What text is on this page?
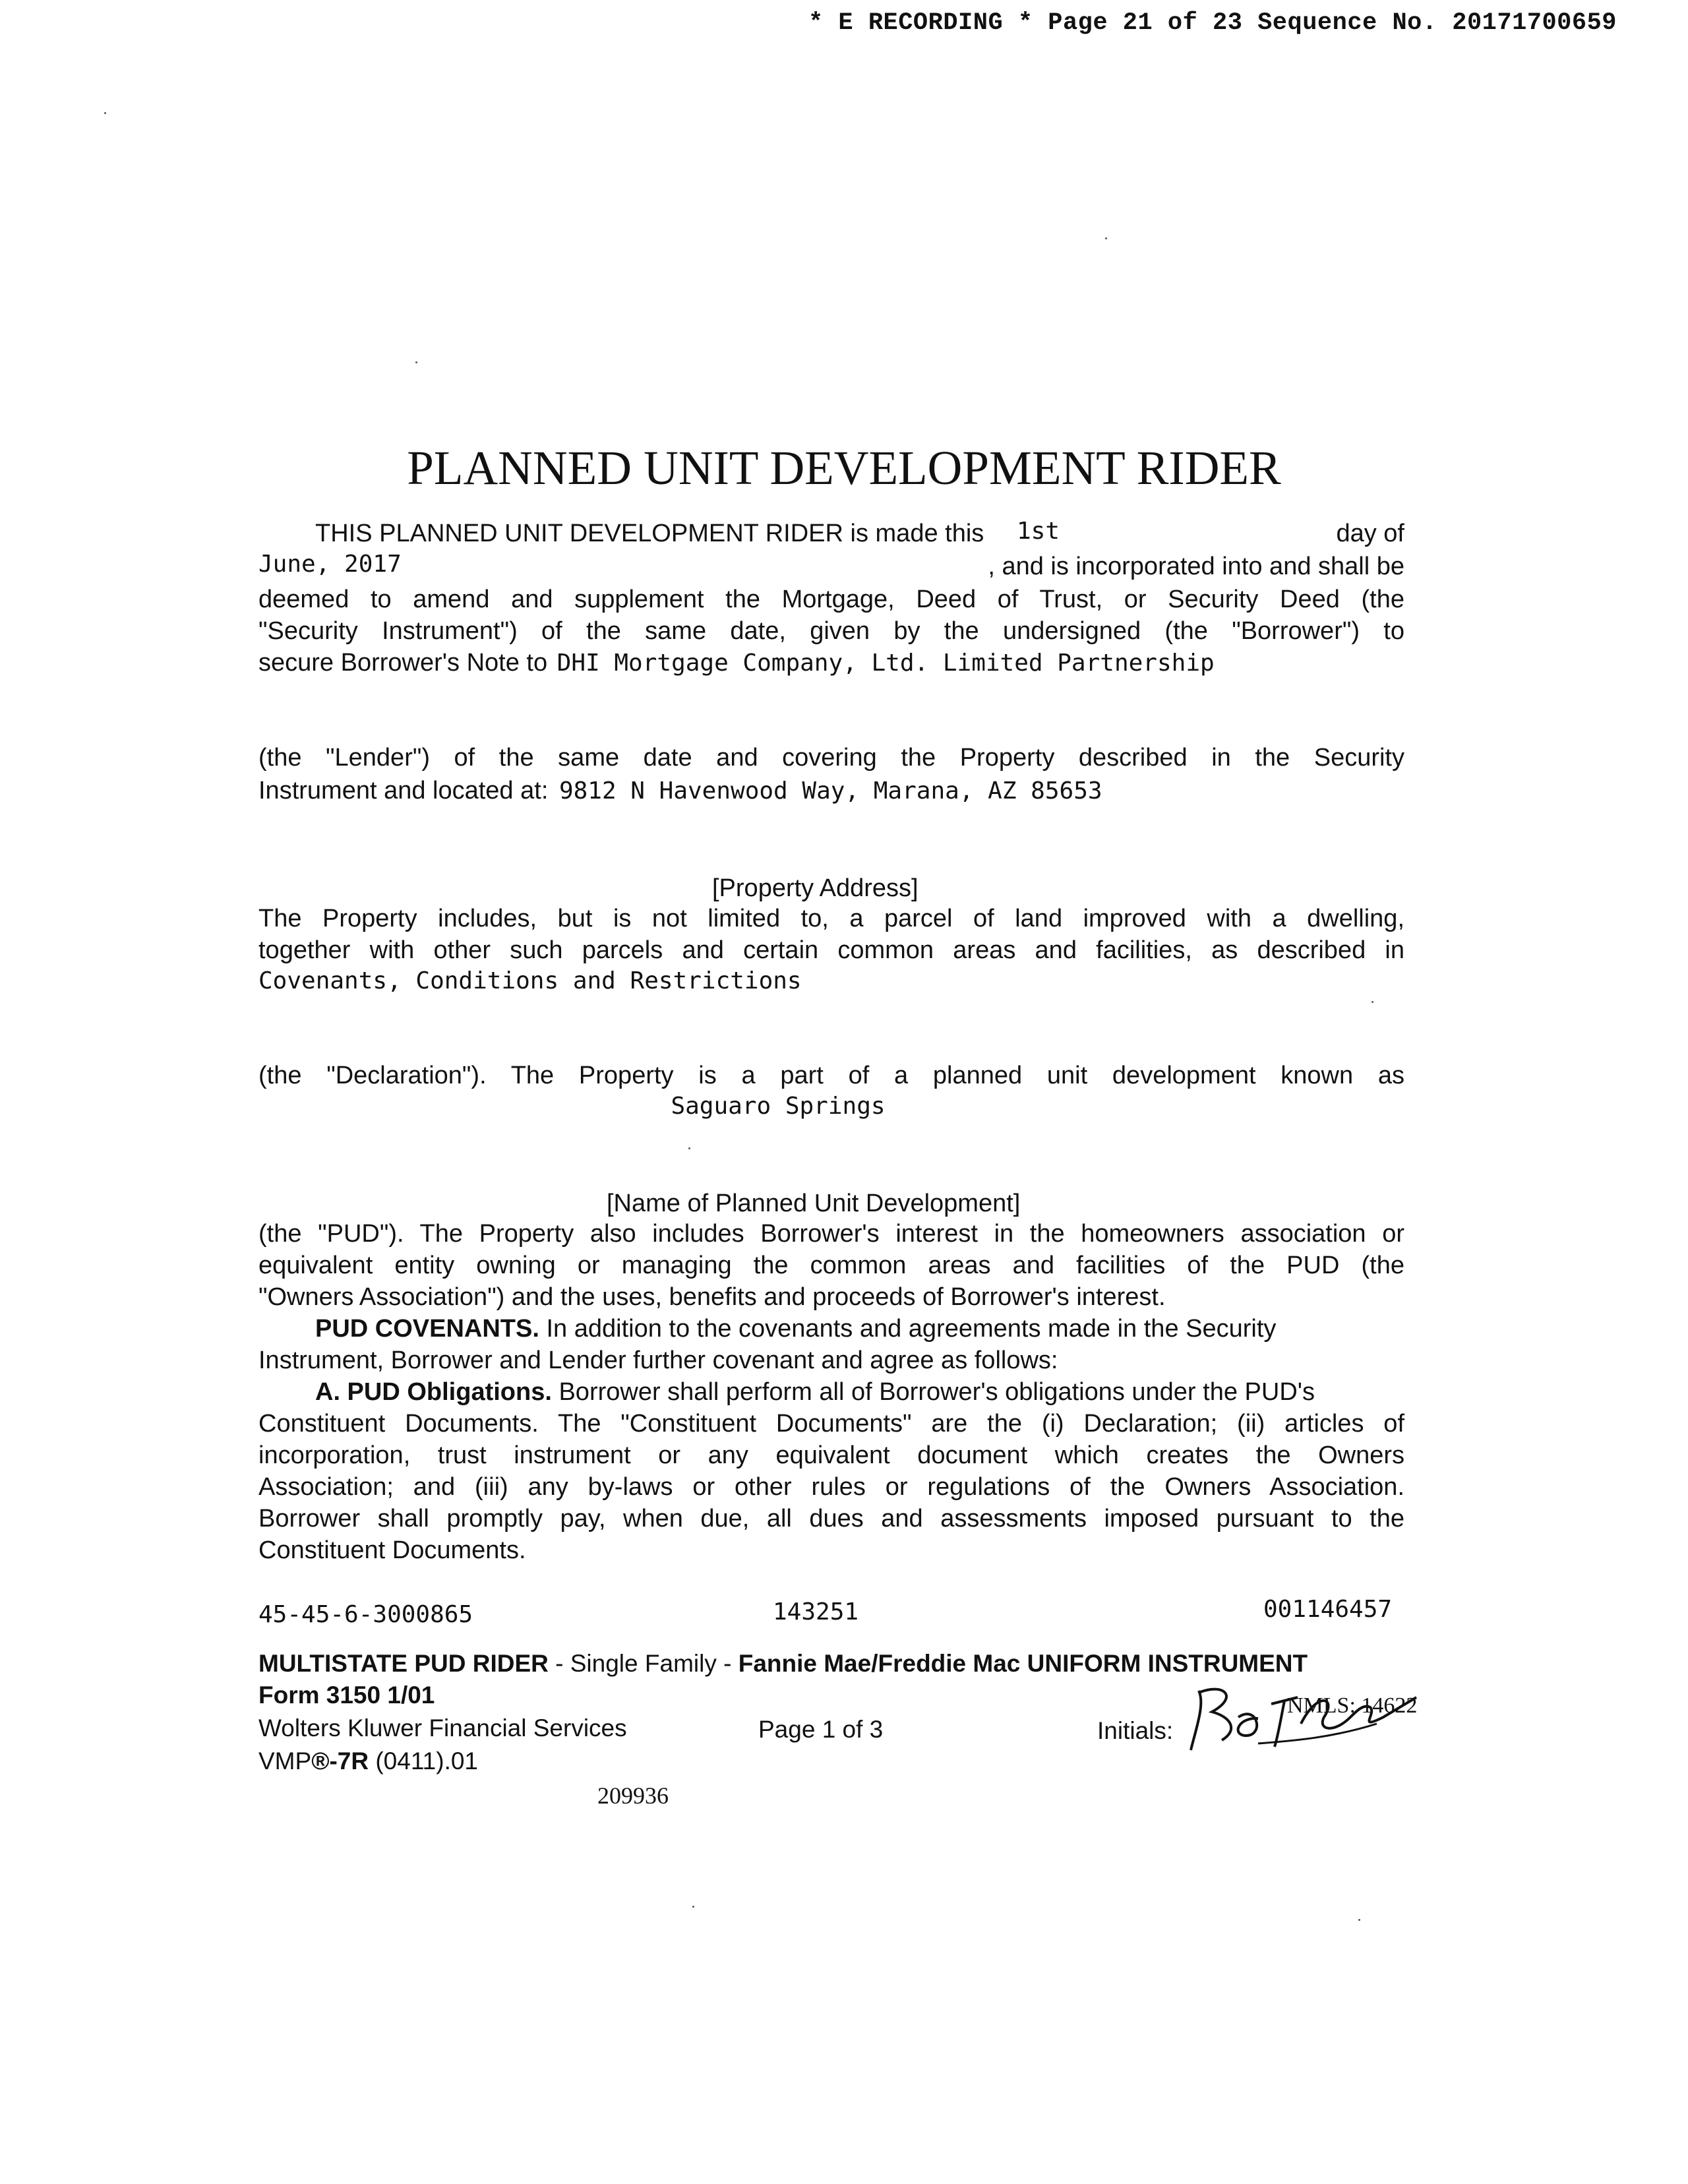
* E RECORDING * Page 21 of 23 Sequence No. 20171700659
PLANNED UNIT DEVELOPMENT RIDER
THIS PLANNED UNIT DEVELOPMENT RIDER is made this 1st	day of
June, 2017	, and is incorporated into and shall be
deemed to amend and supplement the Mortgage, Deed of Trust, or Security Deed (the
"Security Instrument") of the same date, given by the undersigned (the "Borrower") to
secure Borrower's Note to DHI Mortgage Company, Ltd. Limited Partnership
(the "Lender") of the same date and covering the Property described in the Security
Instrument and located at: 9812 N Havenwood Way, Marana, AZ 85653
[Property Address]
The Property includes, but is not limited to, a parcel of land improved with a dwelling,
together with other such parcels and certain common areas and facilities, as described in
Covenants, Conditions and Restrictions
(the "Declaration"). The Property is a part of a planned unit development known as
Saguaro Springs
[Name of Planned Unit Development]
(the "PUD"). The Property also includes Borrower's interest in the homeowners association or
equivalent entity owning or managing the common areas and facilities of the PUD (the
"Owners Association") and the uses, benefits and proceeds of Borrower's interest.
PUD COVENANTS. In addition to the covenants and agreements made in the Security
Instrument, Borrower and Lender further covenant and agree as follows:
A. PUD Obligations. Borrower shall perform all of Borrower's obligations under the PUD's
Constituent Documents. The "Constituent Documents" are the (i) Declaration; (ii) articles of
incorporation, trust instrument or any equivalent document which creates the Owners
Association; and (iii) any by-laws or other rules or regulations of the Owners Association.
Borrower shall promptly pay, when due, all dues and assessments imposed pursuant to the
Constituent Documents.
45-45-6-3000865	143251	001146457
MULTISTATE PUD RIDER - Single Family - Fannie Mae/Freddie Mac UNIFORM INSTRUMENT
Form 3150 1/01
Wolters Kluwer Financial Services	Page 1 of 3	Initials:
NMLS: 14622
VMP®-7R (0411).01
209936
